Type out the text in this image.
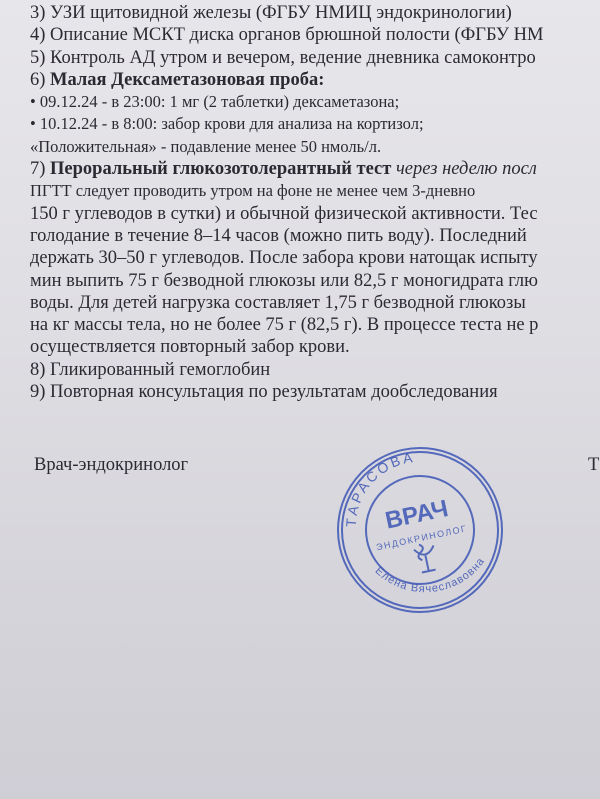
3) УЗИ щитовидной железы (ФГБУ НМИЦ эндокринологии)
4) Описание МСКТ диска органов брюшной полости (ФГБУ НМ
5) Контроль АД утром и вечером, ведение дневника самоконтро
6) Малая Дексаметазоновая проба:
• 09.12.24 - в 23:00: 1 мг (2 таблетки) дексаметазона;
• 10.12.24 - в 8:00: забор крови для анализа на кортизол;
«Положительная» - подавление менее 50 нмоль/л.
7) Пероральный глюкозотолерантный тест через неделю посл
ПГТТ следует проводить утром на фоне не менее чем 3-дневно
150 г углеводов в сутки) и обычной физической активности. Тес
голодание в течение 8–14 часов (можно пить воду). Последний
держать 30–50 г углеводов. После забора крови натощак испыту
мин выпить 75 г безводной глюкозы или 82,5 г моногидрата глю
воды. Для детей нагрузка составляет 1,75 г безводной глюкозы
на кг массы тела, но не более 75 г (82,5 г). В процессе теста не р
осуществляется повторный забор крови.
8) Гликированный гемоглобин
9) Повторная консультация по результатам дообследования
Врач-эндокринолог	Т
ТАРАСОВА
ВРАЧ
ЭНДОКРИНОЛОГ
Елена Вячеславовна
